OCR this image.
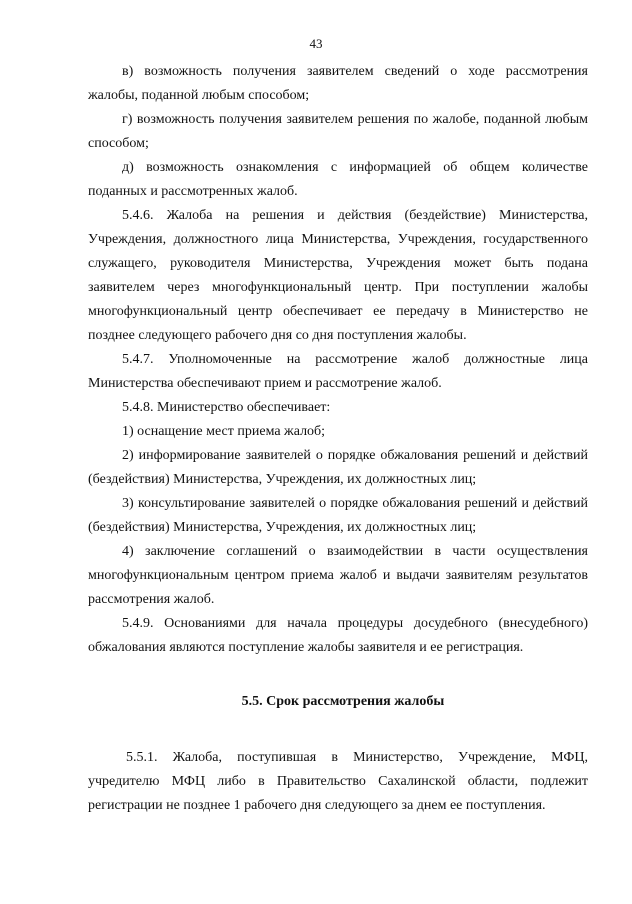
43

в) возможность получения заявителем сведений о ходе рассмотрения жалобы, поданной любым способом;

г) возможность получения заявителем решения по жалобе, поданной любым способом;

д) возможность ознакомления с информацией об общем количестве поданных и рассмотренных жалоб.

5.4.6. Жалоба на решения и действия (бездействие) Министерства, Учреждения, должностного лица Министерства, Учреждения, государственного служащего, руководителя Министерства, Учреждения может быть подана заявителем через многофункциональный центр. При поступлении жалобы многофункциональный центр обеспечивает ее передачу в Министерство не позднее следующего рабочего дня со дня поступления жалобы.

5.4.7. Уполномоченные на рассмотрение жалоб должностные лица Министерства обеспечивают прием и рассмотрение жалоб.

5.4.8. Министерство обеспечивает:

1) оснащение мест приема жалоб;

2) информирование заявителей о порядке обжалования решений и действий (бездействия) Министерства, Учреждения, их должностных лиц;

3) консультирование заявителей о порядке обжалования решений и действий (бездействия) Министерства, Учреждения, их должностных лиц;

4) заключение соглашений о взаимодействии в части осуществления многофункциональным центром приема жалоб и выдачи заявителям результатов рассмотрения жалоб.

5.4.9. Основаниями для начала процедуры досудебного (внесудебного) обжалования являются поступление жалобы заявителя и ее регистрация.

5.5. Срок рассмотрения жалобы

5.5.1. Жалоба, поступившая в Министерство, Учреждение, МФЦ, учредителю МФЦ либо в Правительство Сахалинской области, подлежит регистрации не позднее 1 рабочего дня следующего за днем ее поступления.
